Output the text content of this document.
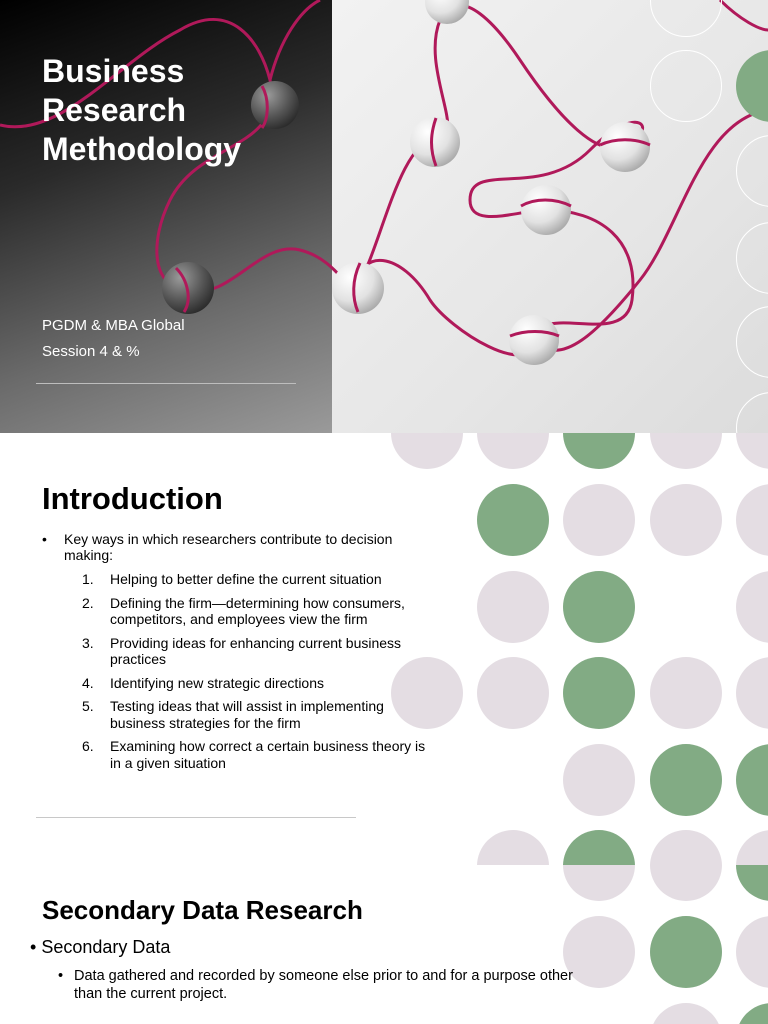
Business
Research
Methodology
PGDM & MBA Global
Session 4 & %
Introduction
•	Key ways in which researchers contribute to decision making:
1. Helping to better define the current situation
2. Defining the firm—determining how consumers, competitors, and employees view the firm
3. Providing ideas for enhancing current business practices
4. Identifying new strategic directions
5. Testing ideas that will assist in implementing business strategies for the firm
6. Examining how correct a certain business theory is in a given situation
Secondary Data Research
• Secondary Data
• Data gathered and recorded by someone else prior to and for a purpose other than the current project.
